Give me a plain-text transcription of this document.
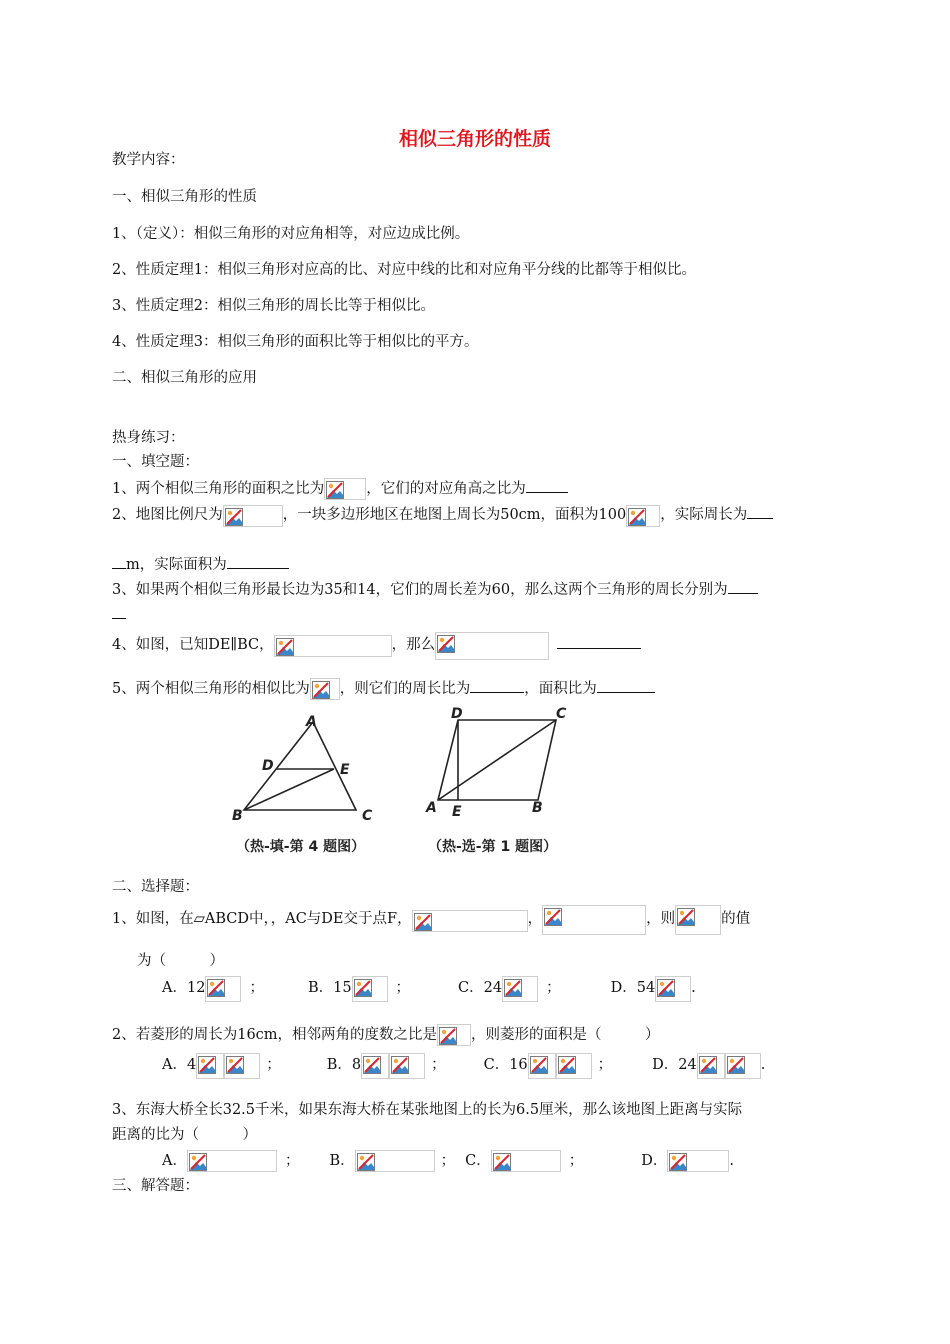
相似三角形的性质
教学内容：
一、相似三角形的性质
1、（定义）：相似三角形的对应角相等，对应边成比例。
2、性质定理1：相似三角形对应高的比、对应中线的比和对应角平分线的比都等于相似比。
3、性质定理2：相似三角形的周长比等于相似比。
4、性质定理3：相似三角形的面积比等于相似比的平方。
二、相似三角形的应用
热身练习：
一、填空题：
1、两个相似三角形的面积之比为	，它们的对应角高之比为
2、地图比例尺为	，一块多边形地区在地图上周长为50cm，面积为100 ，实际周长为
m，实际面积为
3、如果两个相似三角形最长边为35和14，它们的周长差为60，那么这两个三角形的周长分别为
4、如图，已知DE∥BC，	，那么
5、两个相似三角形的相似比为 ，则它们的周长比为	，面积比为
A
D	E
B	C
（热-填-第 4 题图）
D	C
A E	B
（热-选-第 1 题图）
二、选择题：
1、如图，在▱ABCD中，，AC与DE交于点F，	，	，则	的值
为（　　　）
A．12	；	B．15	；	C．24	；	D．54 .
2、若菱形的周长为16cm，相邻两角的度数之比是 ，则菱形的面积是（　　　）
A．4	；	B．8	；	C．16	；	D．24	.
3、东海大桥全长32.5千米，如果东海大桥在某张地图上的长为6.5厘米，那么该地图上距离与实际
距离的比为（　　　）
A．	； B．	； C．	；	D．	.
三、解答题：
